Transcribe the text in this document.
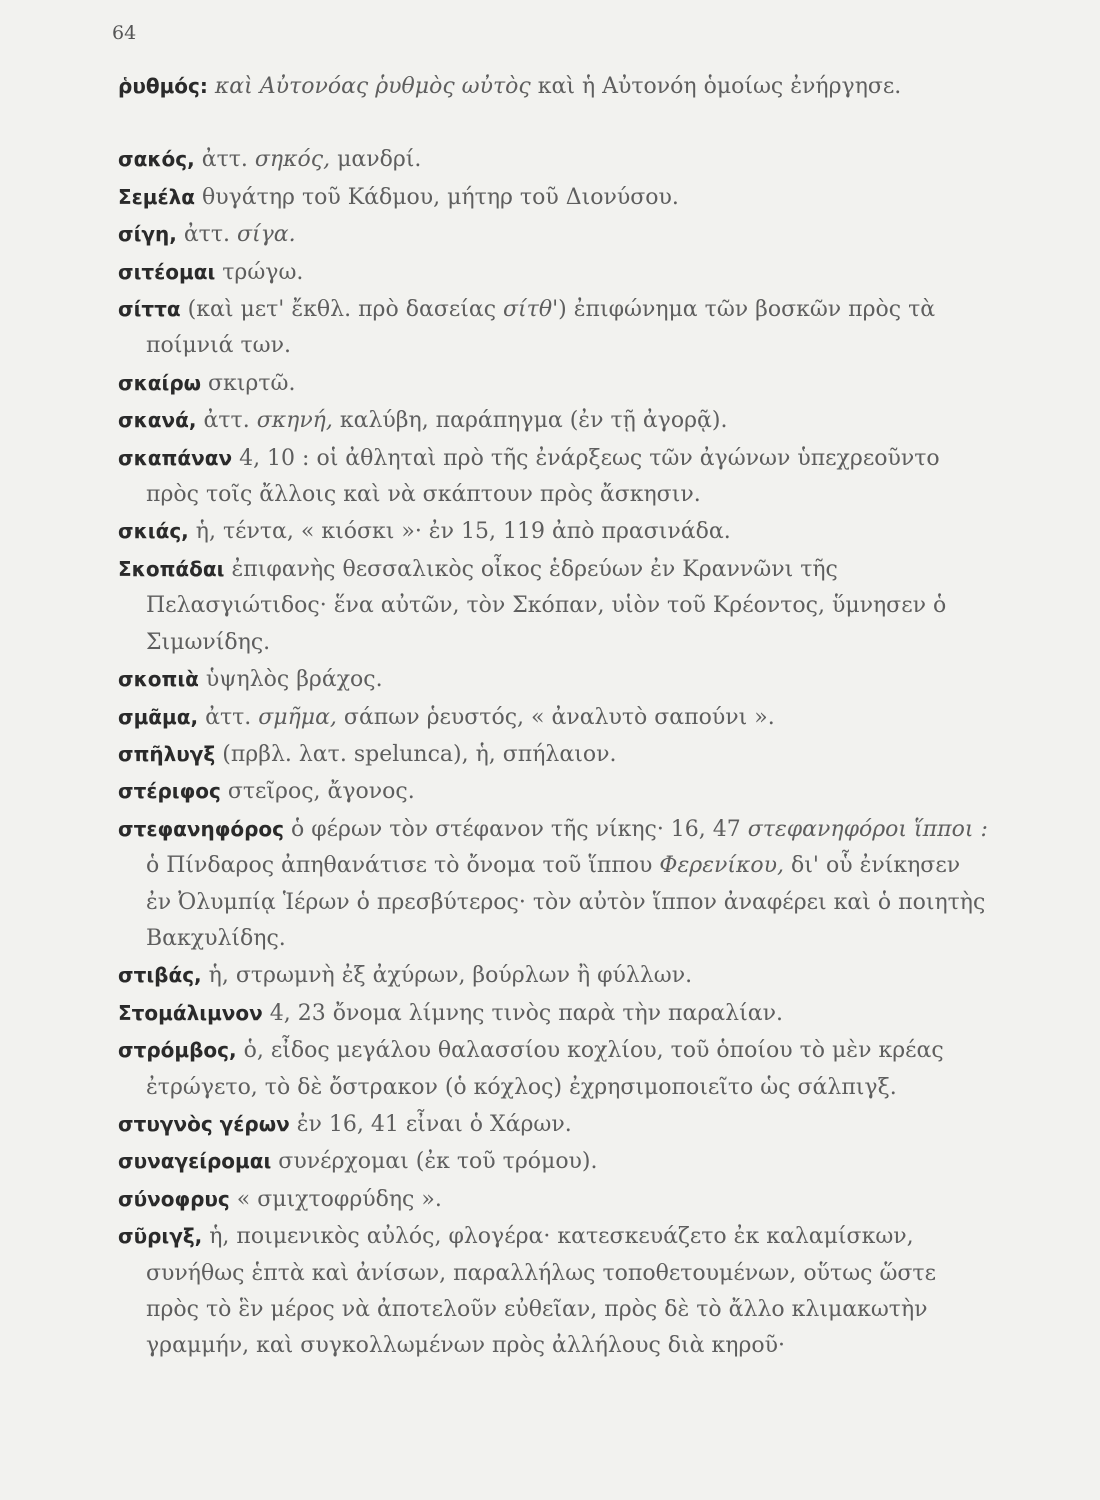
64
ῥυθμός: καὶ Αὐτονόας ῥυθμὸς ωὐτὸς καὶ ἡ Αὐτονόη ὁμοίως ἐνήργησε.
σακός, ἀττ. σηκός, μανδρί.
Σεμέλα θυγάτηρ τοῦ Κάδμου, μήτηρ τοῦ Διονύσου.
σίγη, ἀττ. σίγα.
σιτέομαι τρώγω.
σίττα (καὶ μετ' ἔκθλ. πρὸ δασείας σίτθ') ἐπιφώνημα τῶν βοσκῶν πρὸς τὰ ποίμνιά των.
σκαίρω σκιρτῶ.
σκανά, ἀττ. σκηνή, καλύβη, παράπηγμα (ἐν τῇ ἀγορᾷ).
σκαπάναν 4, 10 : οἱ ἀθληταὶ πρὸ τῆς ἐνάρξεως τῶν ἀγώνων ὑπεχρεοῦντο πρὸς τοῖς ἄλλοις καὶ νὰ σκάπτουν πρὸς ἄσκησιν.
σκιάς, ἡ, τέντα, « κιόσκι »· ἐν 15, 119 ἀπὸ πρασινάδα.
Σκοπάδαι ἐπιφανὴς θεσσαλικὸς οἶκος ἑδρεύων ἐν Κραννῶνι τῆς Πελασγιώτιδος· ἕνα αὐτῶν, τὸν Σκόπαν, υἱὸν τοῦ Κρέοντος, ὕμνησεν ὁ Σιμωνίδης.
σκοπιὰ ὑψηλὸς βράχος.
σμᾶμα, ἀττ. σμῆμα, σάπων ῥευστός, « ἀναλυτὸ σαπούνι ».
σπῆλυγξ (πρβλ. λατ. spelunca), ἡ, σπήλαιον.
στέριφος στεῖρος, ἄγονος.
στεφανηφόρος ὁ φέρων τὸν στέφανον τῆς νίκης· 16, 47 στεφανηφόροι ἵπποι : ὁ Πίνδαρος ἀπηθανάτισε τὸ ὄνομα τοῦ ἵππου Φερενίκου, δι' οὗ ἐνίκησεν ἐν Ὀλυμπίᾳ Ἱέρων ὁ πρεσβύτερος· τὸν αὐτὸν ἵππον ἀναφέρει καὶ ὁ ποιητὴς Βακχυλίδης.
στιβάς, ἡ, στρωμνὴ ἐξ ἀχύρων, βούρλων ἢ φύλλων.
Στομάλιμνον 4, 23 ὄνομα λίμνης τινὸς παρὰ τὴν παραλίαν.
στρόμβος, ὁ, εἶδος μεγάλου θαλασσίου κοχλίου, τοῦ ὁποίου τὸ μὲν κρέας ἐτρώγετο, τὸ δὲ ὄστρακον (ὁ κόχλος) ἐχρησιμοποιεῖτο ὡς σάλπιγξ.
στυγνὸς γέρων ἐν 16, 41 εἶναι ὁ Χάρων.
συναγείρομαι συνέρχομαι (ἐκ τοῦ τρόμου).
σύνοφρυς « σμιχτοφρύδης ».
σῦριγξ, ἡ, ποιμενικὸς αὐλός, φλογέρα· κατεσκευάζετο ἐκ καλαμίσκων, συνήθως ἑπτὰ καὶ ἀνίσων, παραλλήλως τοποθετουμένων, οὕτως ὥστε πρὸς τὸ ἓν μέρος νὰ ἀποτελοῦν εὐθεῖαν, πρὸς δὲ τὸ ἄλλο κλιμακωτὴν γραμμήν, καὶ συγκολλωμένων πρὸς ἀλλήλους διὰ κηροῦ·
